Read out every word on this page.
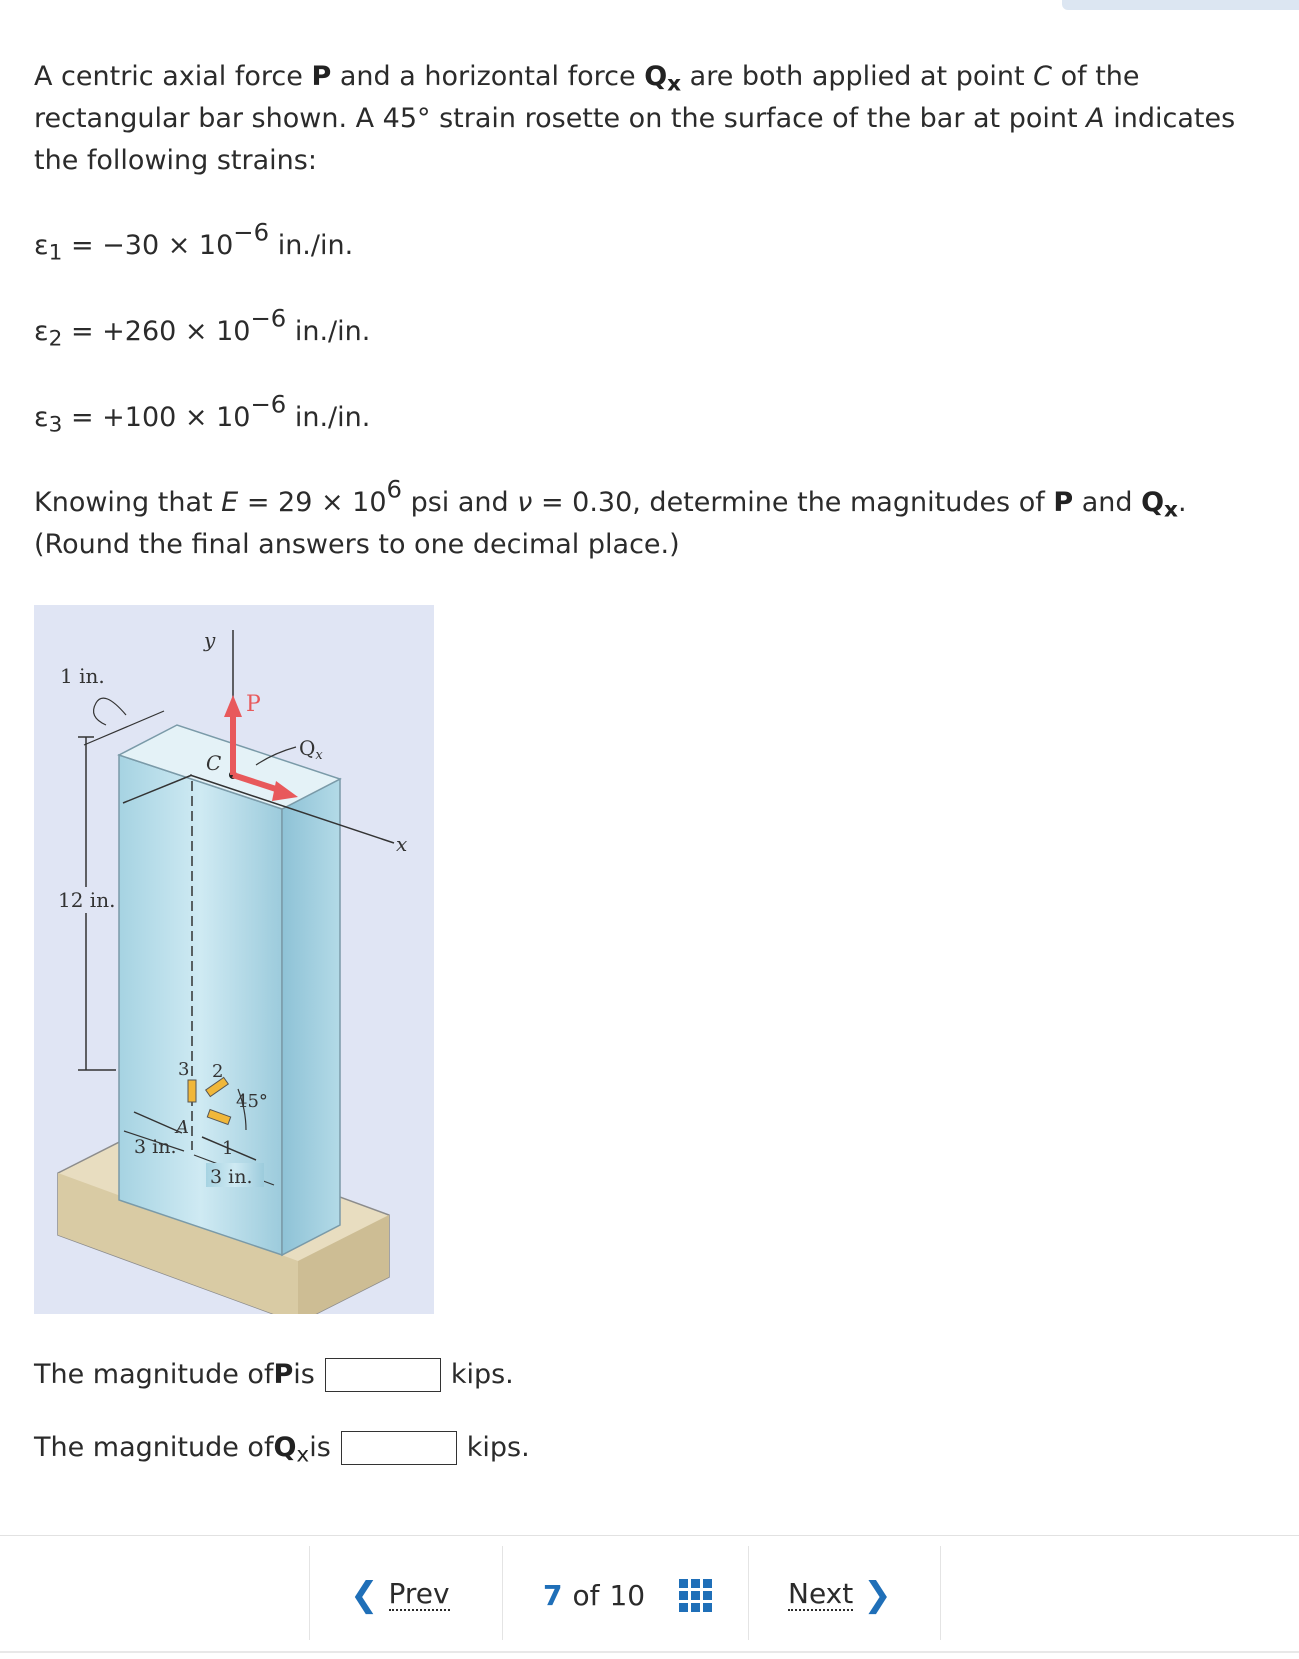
A centric axial force P and a horizontal force $Q_x$ are both applied at point C of the rectangular bar shown. A 45° strain rosette on the surface of the bar at point A indicates the following strains:

$\varepsilon_1 = -30 \times 10^{-6}$ in./in.

$\varepsilon_2 = +260 \times 10^{-6}$ in./in.

$\varepsilon_3 = +100 \times 10^{-6}$ in./in.

Knowing that $E = 29 \times 10^6$ psi and ν = 0.30, determine the magnitudes of P and $Q_x$.
(Round the final answers to one decimal place.)

12 in.
1 in.
y
x
C
P
$Q_x$
3 2
1
45°
A
3 in.
3 in.
The magnitude of P is	kips.
The magnitude of $Q_x$ is	kips.
❮ Prev	7 of 10	Next ❯
